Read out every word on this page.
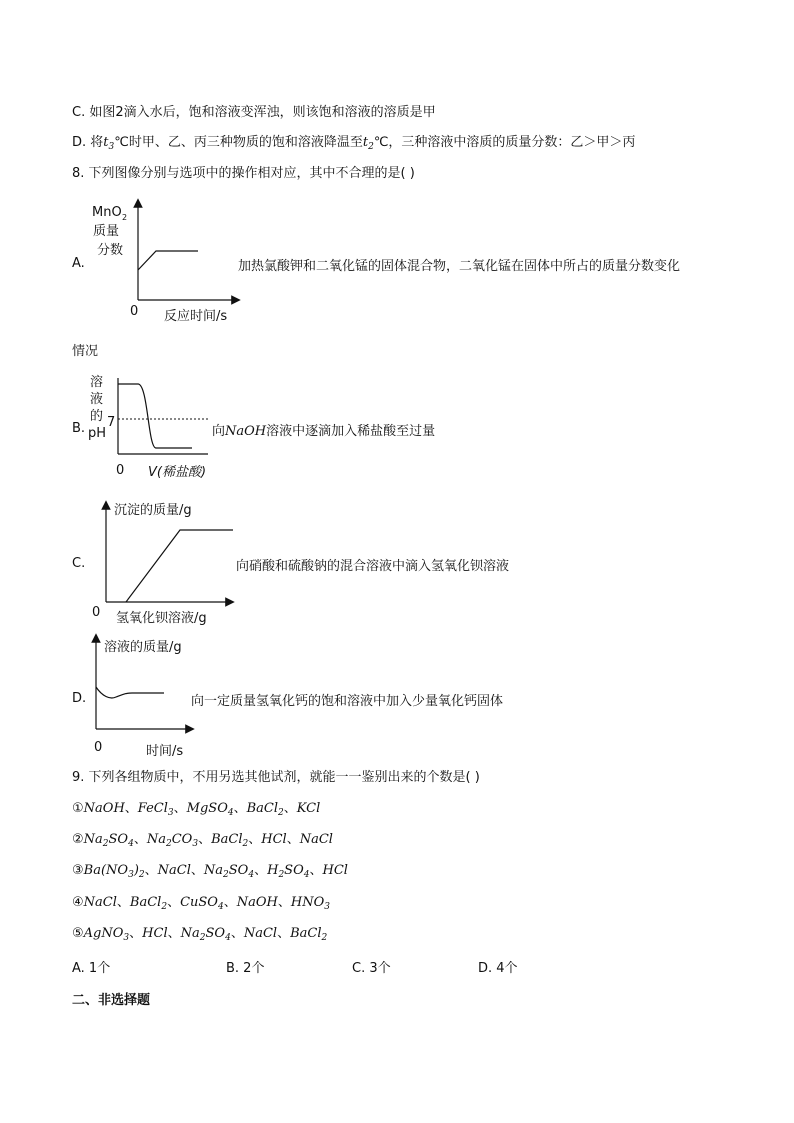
C. 如图2滴入水后，饱和溶液变浑浊，则该饱和溶液的溶质是甲
D. 将$t_3℃$时甲、乙、丙三种物质的饱和溶液降温至$t_2℃$，三种溶液中溶质的质量分数：乙＞甲＞丙
8. 下列图像分别与选项中的操作相对应，其中不合理的是( )
A.
MnO 2
质量
分数
0 反应时间/s
加热氯酸钾和二氧化锰的固体混合物，二氧化锰在固体中所占的质量分数变化
情况
B.
溶
液
的
pH
7
0 V(稀盐酸)
向NaOH溶液中逐滴加入稀盐酸至过量
C.
沉淀的质量/g
0 氢氧化钡溶液/g
向硝酸和硫酸钠的混合溶液中滴入氢氧化钡溶液
D.
溶液的质量/g
0	时间/s
向一定质量氢氧化钙的饱和溶液中加入少量氧化钙固体
9. 下列各组物质中，不用另选其他试剂，就能一一鉴别出来的个数是( )
①NaOH、FeCl$_3$、MgSO$_4$、BaCl$_2$、KCl
$②Na_2SO_4$、$Na_2CO_3$、BaCl$_2$、HCl、NaCl
$③Ba(NO_3)_2$、NaCl、$Na_2SO_4$、$H_2SO_4$、HCl
④NaCl、BaCl$_2$、CuSO$_4$、NaOH、$HNO_3$
⑤AgNO$_3$、HCl、$Na_2SO_4$、NaCl、BaCl$_2$
A. 1个	B. 2个	C. 3个	D. 4个
二、非选择题
